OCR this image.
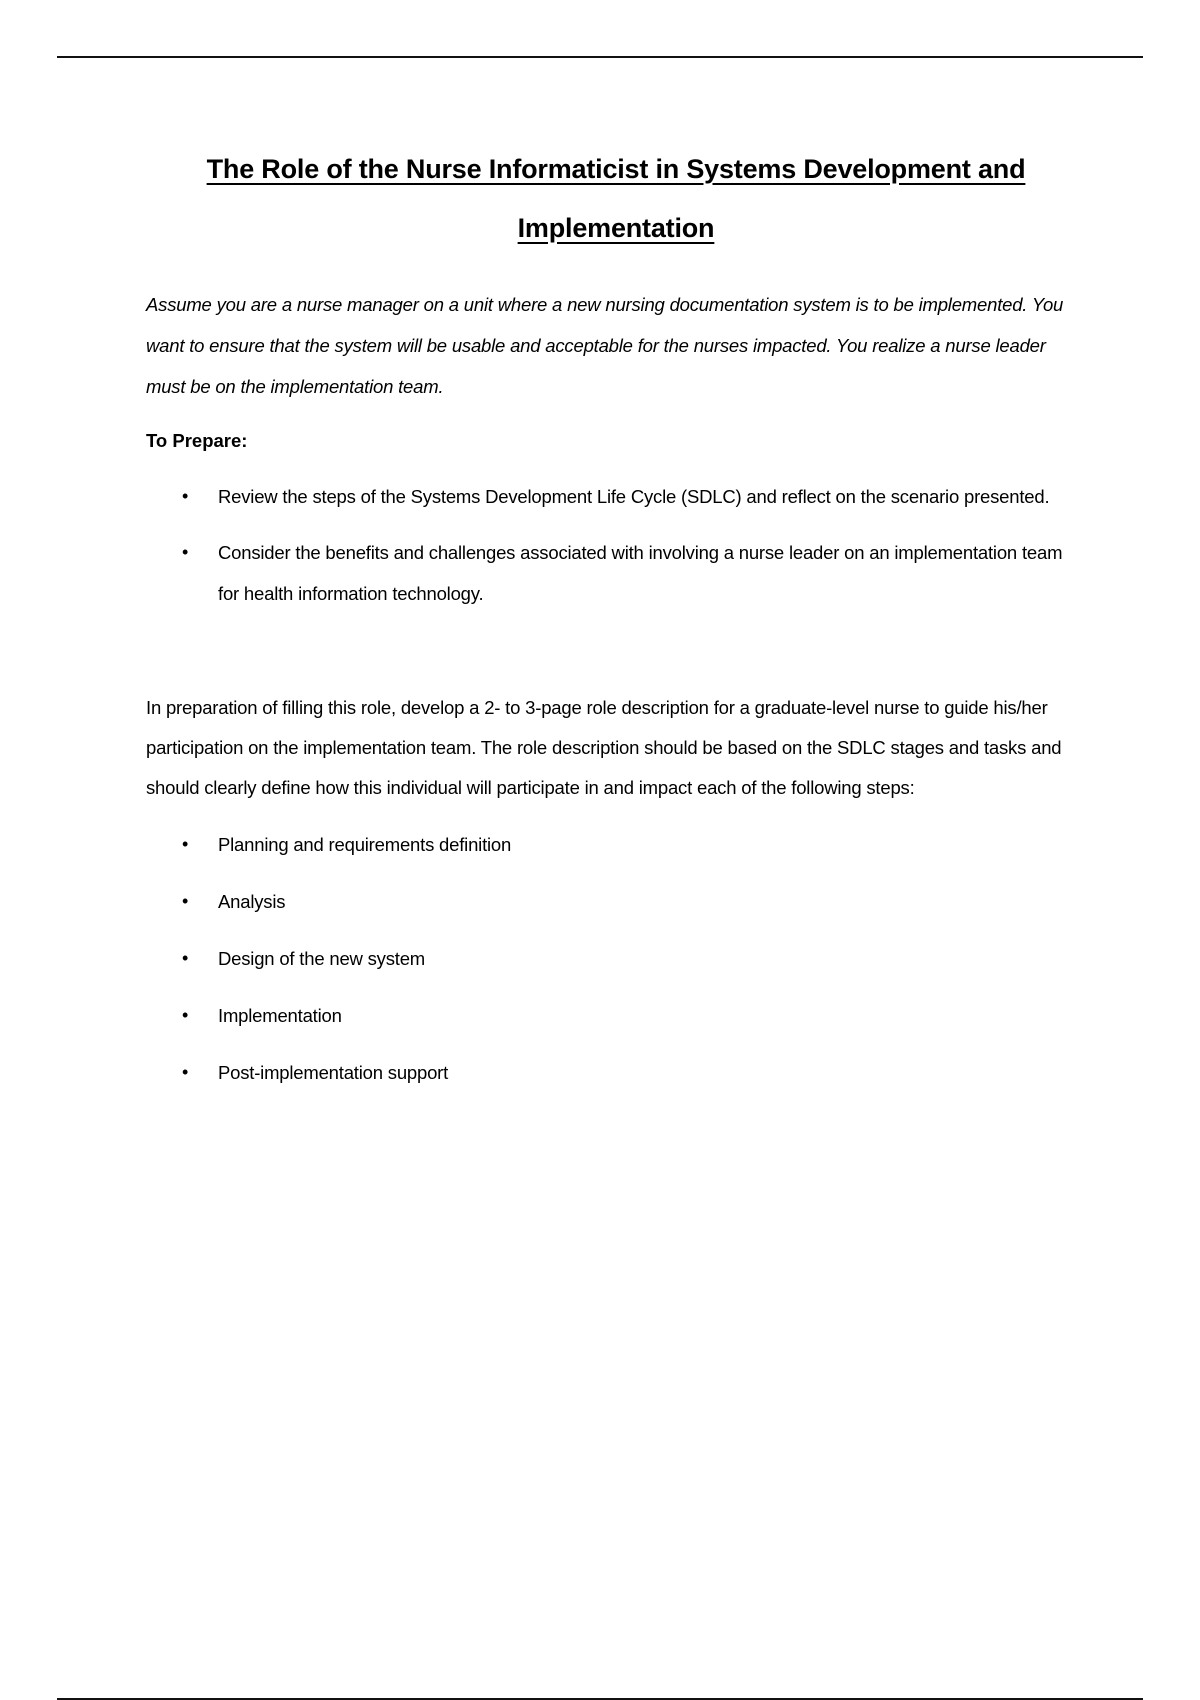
The Role of the Nurse Informaticist in Systems Development and Implementation

Assume you are a nurse manager on a unit where a new nursing documentation system is to be implemented. You want to ensure that the system will be usable and acceptable for the nurses impacted. You realize a nurse leader must be on the implementation team.

To Prepare:

• Review the steps of the Systems Development Life Cycle (SDLC) and reflect on the scenario presented.
• Consider the benefits and challenges associated with involving a nurse leader on an implementation team for health information technology.

In preparation of filling this role, develop a 2- to 3-page role description for a graduate-level nurse to guide his/her participation on the implementation team. The role description should be based on the SDLC stages and tasks and should clearly define how this individual will participate in and impact each of the following steps:

• Planning and requirements definition
• Analysis
• Design of the new system
• Implementation
• Post-implementation support
